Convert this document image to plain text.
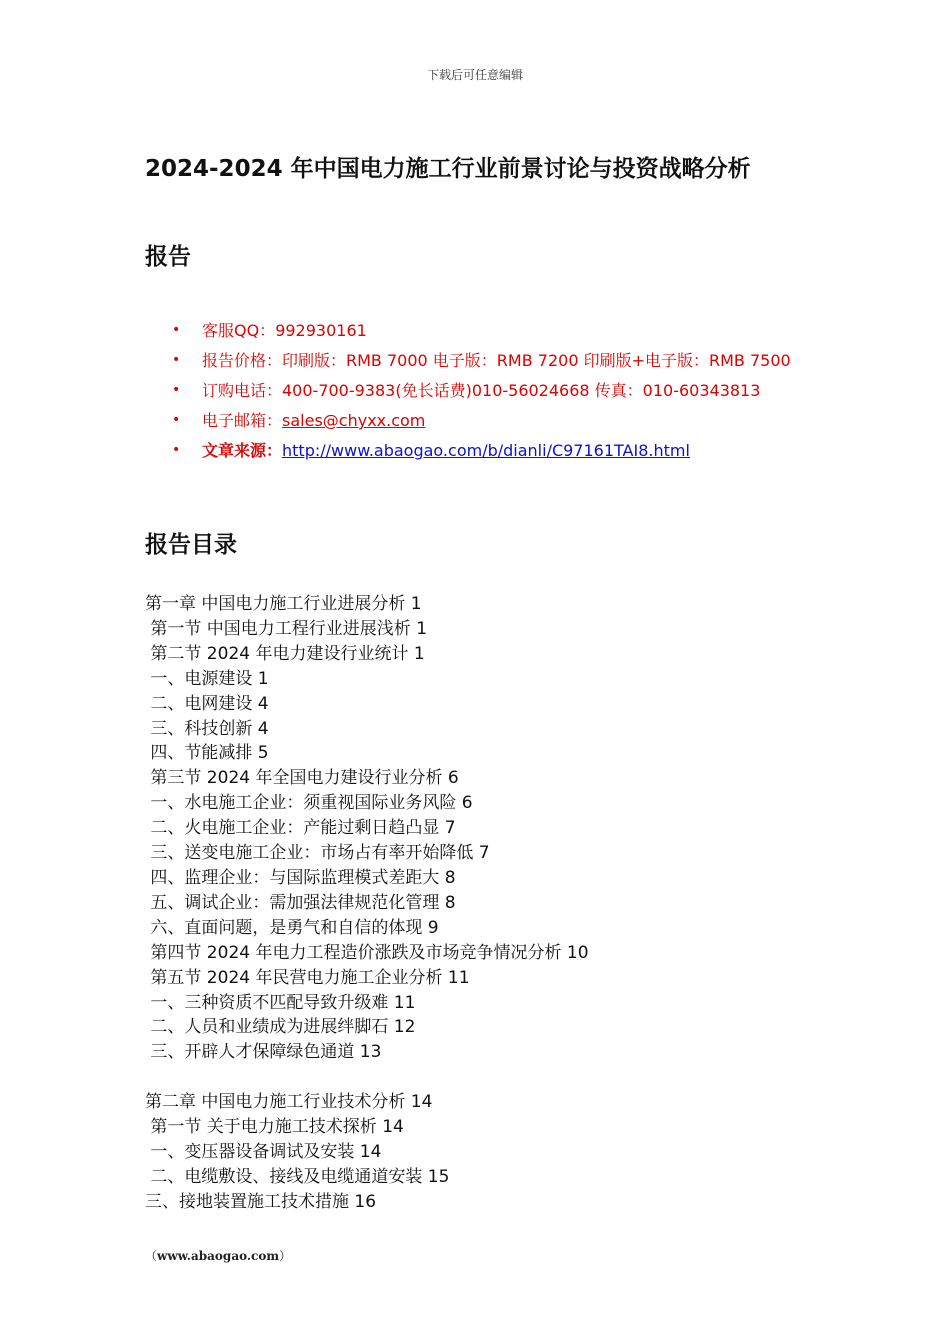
下载后可任意编辑
2024-2024 年中国电力施工行业前景讨论与投资战略分析
报告
• 客服QQ：992930161
• 报告价格：印刷版：RMB 7000 电子版：RMB 7200 印刷版+电子版：RMB 7500
• 订购电话：400-700-9383(免长话费)010-56024668 传真：010-60343813
• 电子邮箱：sales@chyxx.com
• 文章来源：http://www.abaogao.com/b/dianli/C97161TAI8.html
报告目录
第一章 中国电力施工行业进展分析 1
第一节 中国电力工程行业进展浅析 1
第二节 2024 年电力建设行业统计 1
一、电源建设 1
二、电网建设 4
三、科技创新 4
四、节能减排 5
第三节 2024 年全国电力建设行业分析 6
一、水电施工企业：须重视国际业务风险 6
二、火电施工企业：产能过剩日趋凸显 7
三、送变电施工企业：市场占有率开始降低 7
四、监理企业：与国际监理模式差距大 8
五、调试企业：需加强法律规范化管理 8
六、直面问题，是勇气和自信的体现 9
第四节 2024 年电力工程造价涨跌及市场竞争情况分析 10
第五节 2024 年民营电力施工企业分析 11
一、三种资质不匹配导致升级难 11
二、人员和业绩成为进展绊脚石 12
三、开辟人才保障绿色通道 13
第二章 中国电力施工行业技术分析 14
第一节 关于电力施工技术探析 14
一、变压器设备调试及安装 14
二、电缆敷设、接线及电缆通道安装 15
三、接地装置施工技术措施 16
（www.abaogao.com）
